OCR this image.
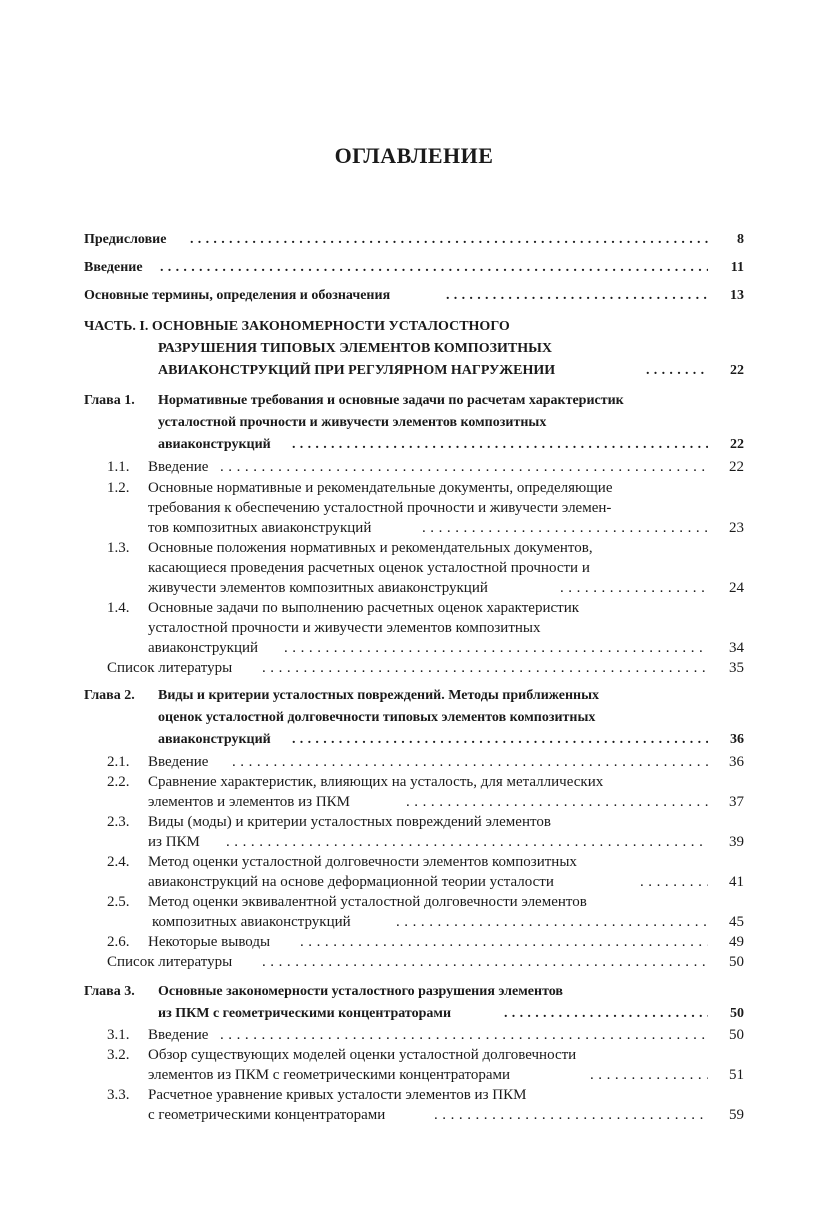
ОГЛАВЛЕНИЕ
Предисловие . . .	8
Введение . . .	11
Основные термины, определения и обозначения . . .	13
ЧАСТЬ. I. ОСНОВНЫЕ ЗАКОНОМЕРНОСТИ УСТАЛОСТНОГО
РАЗРУШЕНИЯ ТИПОВЫХ ЭЛЕМЕНТОВ КОМПОЗИТНЫХ
АВИАКОНСТРУКЦИЙ ПРИ РЕГУЛЯРНОМ НАГРУЖЕНИИ . . .	22
Глава 1. Нормативные требования и основные задачи по расчетам характеристик
усталостной прочности и живучести элементов композитных
авиаконструкций . . .	22
1.1. Введение . . .	22
1.2. Основные нормативные и рекомендательные документы, определяющие
требования к обеспечению усталостной прочности и живучести элемен-
тов композитных авиаконструкций . . .	23
1.3. Основные положения нормативных и рекомендательных документов,
касающиеся проведения расчетных оценок усталостной прочности и
живучести элементов композитных авиаконструкций . . .	24
1.4. Основные задачи по выполнению расчетных оценок характеристик
усталостной прочности и живучести элементов композитных
авиаконструкций . . .	34
Список литературы . . .	35
Глава 2. Виды и критерии усталостных повреждений. Методы приближенных
оценок усталостной долговечности типовых элементов композитных
авиаконструкций . . .	36
2.1. Введение . . .	36
2.2. Сравнение характеристик, влияющих на усталость, для металлических
элементов и элементов из ПКМ . . .	37
2.3. Виды (моды) и критерии усталостных повреждений элементов
из ПКМ . . .	39
2.4. Метод оценки усталостной долговечности элементов композитных
авиаконструкций на основе деформационной теории усталости . . .	41
2.5. Метод оценки эквивалентной усталостной долговечности элементов
композитных авиаконструкций . . .	45
2.6. Некоторые выводы . . .	49
Список литературы . . .	50
Глава 3. Основные закономерности усталостного разрушения элементов
из ПКМ с геометрическими концентраторами . . .	50
3.1. Введение . . .	50
3.2. Обзор существующих моделей оценки усталостной долговечности
элементов из ПКМ с геометрическими концентраторами . . .	51
3.3. Расчетное уравнение кривых усталости элементов из ПКМ
с геометрическими концентраторами . . .	59
